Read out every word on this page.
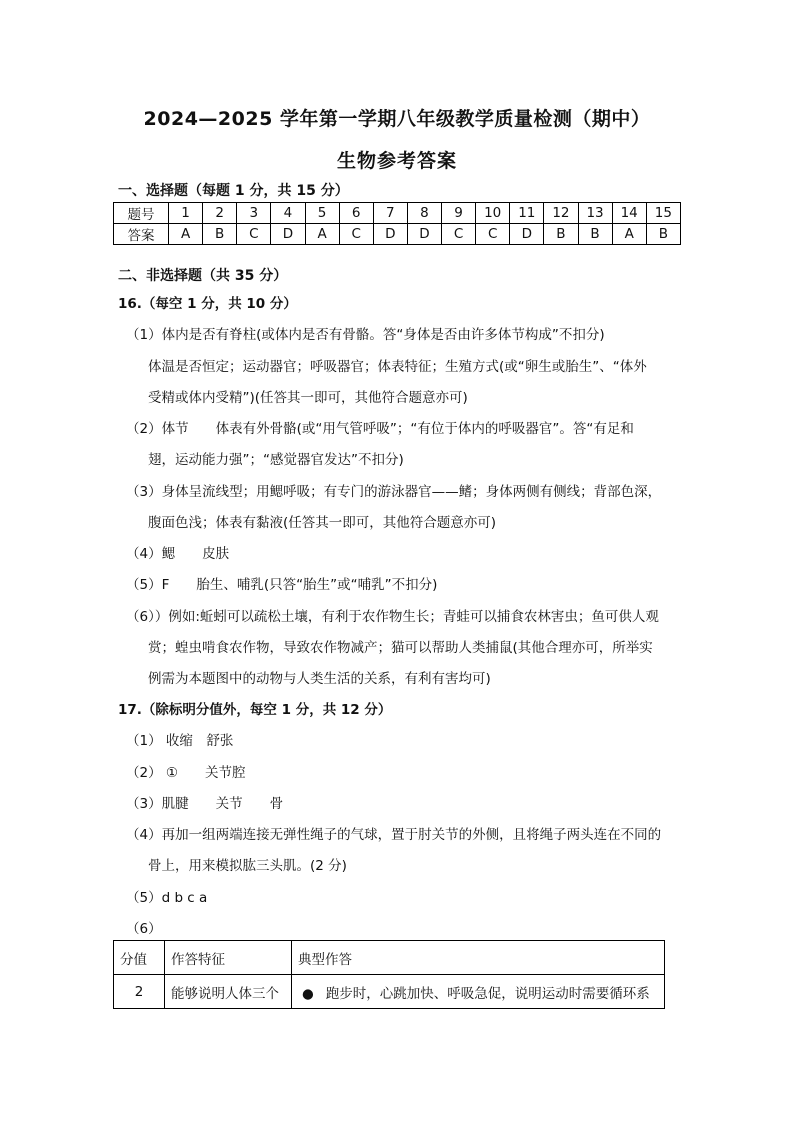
2024—2025 学年第一学期八年级教学质量检测（期中）
生物参考答案
一、选择题（每题 1 分，共 15 分）
题号	1	2	3	4	5	6	7	8	9	10	11	12	13	14	15
答案	A	B	C	D	A	C	D	D	C	C	D	B	B	A	B
二、非选择题（共 35 分）
16.（每空 1 分，共 10 分）
（1）体内是否有脊柱(或体内是否有骨骼。答“身体是否由许多体节构成”不扣分)
体温是否恒定；运动器官；呼吸器官；体表特征；生殖方式(或“卵生或胎生”、“体外
受精或体内受精”)(任答其一即可，其他符合题意亦可)
（2）体节　　体表有外骨骼(或“用气管呼吸”；“有位于体内的呼吸器官”。答“有足和
翅，运动能力强”；“感觉器官发达”不扣分)
（3）身体呈流线型；用鳃呼吸；有专门的游泳器官——鳍；身体两侧有侧线；背部色深，
腹面色浅；体表有黏液(任答其一即可，其他符合题意亦可)
（4）鳃　　皮肤
（5）F　　胎生、哺乳(只答“胎生”或“哺乳”不扣分)
（6））例如:蚯蚓可以疏松土壤，有利于农作物生长；青蛙可以捕食农林害虫；鱼可供人观
赏；蝗虫啃食农作物，导致农作物减产；猫可以帮助人类捕鼠(其他合理亦可，所举实
例需为本题图中的动物与人类生活的关系，有利有害均可)
17.（除标明分值外，每空 1 分，共 12 分）
（1） 收缩　舒张
（2） ①　　关节腔
（3）肌腱　　关节　　骨
（4）再加一组两端连接无弹性绳子的气球，置于肘关节的外侧，且将绳子两头连在不同的
骨上，用来模拟肱三头肌。(2 分)
（5）d b c a
（6）
分值	作答特征	典型作答
2	能够说明人体三个	● 跑步时，心跳加快、呼吸急促，说明运动时需要循环系
